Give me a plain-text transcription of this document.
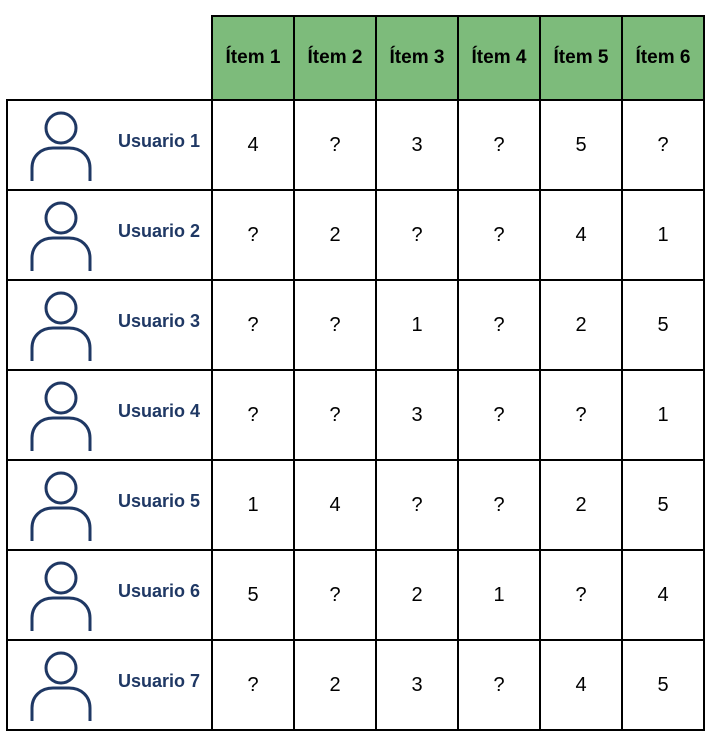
	Ítem 1	Ítem 2	Ítem 3	Ítem 4	Ítem 5	Ítem 6

Usuario 1	4	?	3	?	5	?

Usuario 2	?	2	?	?	4	1

Usuario 3	?	?	1	?	2	5

Usuario 4	?	?	3	?	?	1

Usuario 5	1	4	?	?	2	5

Usuario 6	5	?	2	1	?	4

Usuario 7	?	2	3	?	4	5
